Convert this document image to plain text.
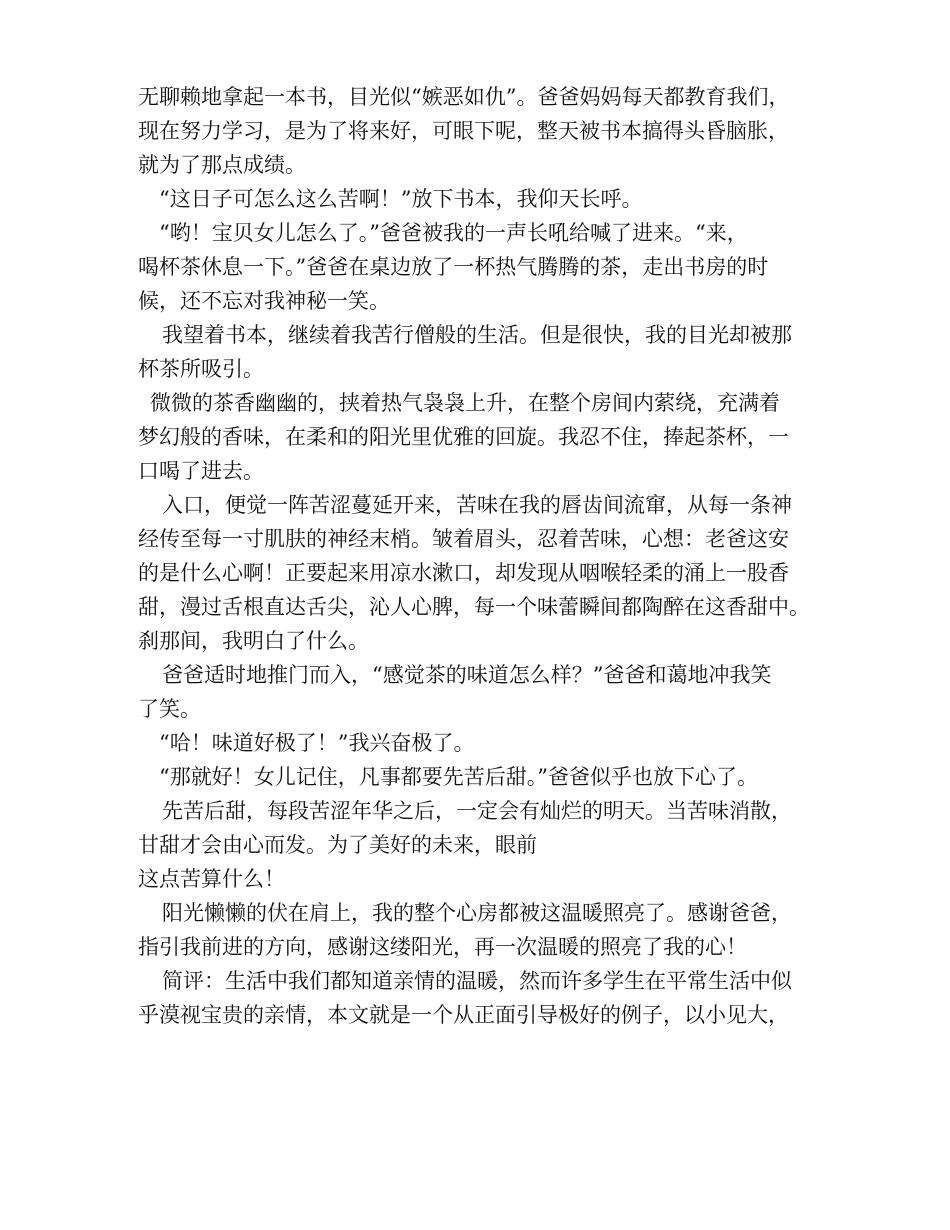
无聊赖地拿起一本书，目光似“嫉恶如仇”。爸爸妈妈每天都教育我们，

现在努力学习，是为了将来好，可眼下呢，整天被书本搞得头昏脑胀，

就为了那点成绩。

“这日子可怎么这么苦啊！”放下书本，我仰天长呼。

“哟！宝贝女儿怎么了。”爸爸被我的一声长吼给喊了进来。“来，

喝杯茶休息一下。”爸爸在桌边放了一杯热气腾腾的茶，走出书房的时

候，还不忘对我神秘一笑。

我望着书本，继续着我苦行僧般的生活。但是很快，我的目光却被那

杯茶所吸引。

微微的茶香幽幽的，挟着热气袅袅上升，在整个房间内萦绕，充满着

梦幻般的香味，在柔和的阳光里优雅的回旋。我忍不住，捧起茶杯，一

口喝了进去。

入口，便觉一阵苦涩蔓延开来，苦味在我的唇齿间流窜，从每一条神

经传至每一寸肌肤的神经末梢。皱着眉头，忍着苦味，心想：老爸这安

的是什么心啊！正要起来用凉水漱口，却发现从咽喉轻柔的涌上一股香

甜，漫过舌根直达舌尖，沁人心脾，每一个味蕾瞬间都陶醉在这香甜中。

刹那间，我明白了什么。

爸爸适时地推门而入，“感觉茶的味道怎么样？”爸爸和蔼地冲我笑

了笑。

“哈！味道好极了！”我兴奋极了。

“那就好！女儿记住，凡事都要先苦后甜。”爸爸似乎也放下心了。

先苦后甜，每段苦涩年华之后，一定会有灿烂的明天。当苦味消散，

甘甜才会由心而发。为了美好的未来，眼前

这点苦算什么！

阳光懒懒的伏在肩上，我的整个心房都被这温暖照亮了。感谢爸爸，

指引我前进的方向，感谢这缕阳光，再一次温暖的照亮了我的心！

简评：生活中我们都知道亲情的温暖，然而许多学生在平常生活中似

乎漠视宝贵的亲情，本文就是一个从正面引导极好的例子，以小见大，
